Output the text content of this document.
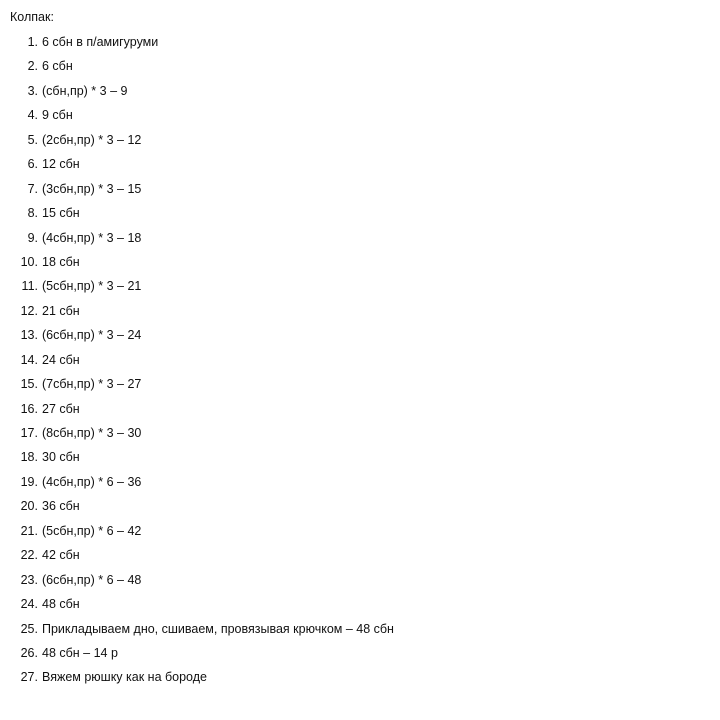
Колпак:
1. 6 сбн в п/амигуруми
2. 6 сбн
3. (сбн,пр) * 3 – 9
4. 9 сбн
5. (2сбн,пр) * 3 – 12
6. 12 сбн
7. (3сбн,пр) * 3 – 15
8. 15 сбн
9. (4сбн,пр) * 3 – 18
10. 18 сбн
11. (5сбн,пр) * 3 – 21
12. 21 сбн
13. (6сбн,пр) * 3 – 24
14. 24 сбн
15. (7сбн,пр) * 3 – 27
16. 27 сбн
17. (8сбн,пр) * 3 – 30
18. 30 сбн
19. (4сбн,пр) * 6 – 36
20. 36 сбн
21. (5сбн,пр) * 6 – 42
22. 42 сбн
23. (6сбн,пр) * 6 – 48
24. 48 сбн
25. Прикладываем дно, сшиваем, провязывая крючком – 48 сбн
26. 48 сбн – 14 р
27. Вяжем рюшку как на бороде
